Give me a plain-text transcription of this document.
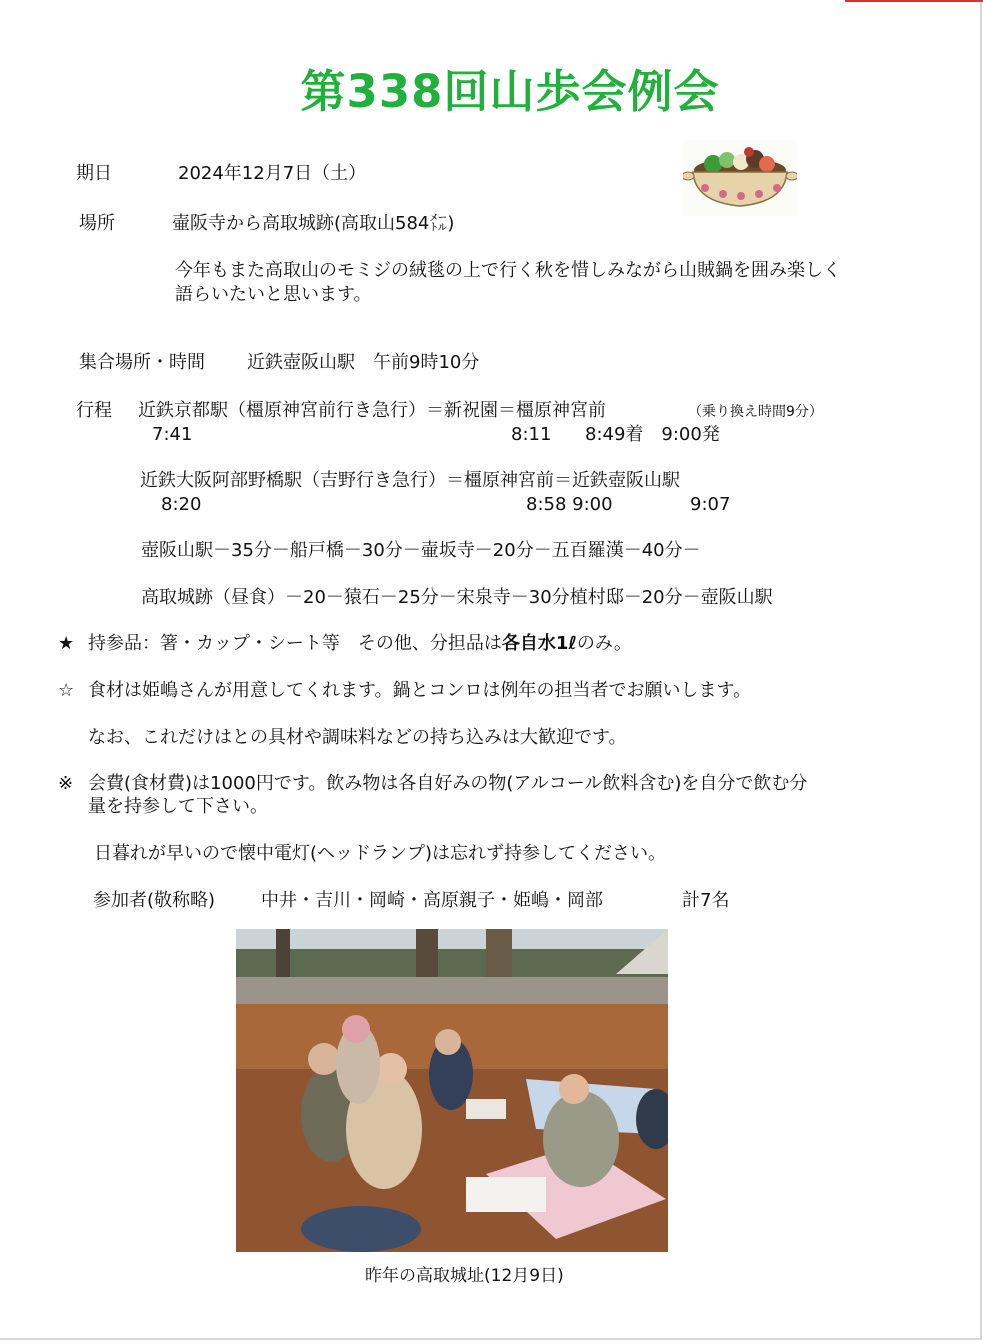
第338回山歩会例会
期日	2024年12月7日（土）
場所	壷阪寺から高取城跡(高取山584㍍)
今年もまた高取山のモミジの絨毯の上で行く秋を惜しみながら山賊鍋を囲み楽しく
語らいたいと思います。
集合場所・時間 近鉄壺阪山駅　午前9時10分
行程 近鉄京都駅（橿原神宮前行き急行）＝新祝園＝橿原神宮前	（乗り換え時間9分）
7:41	8:11 8:49着　9:00発
近鉄大阪阿部野橋駅（吉野行き急行）＝橿原神宮前＝近鉄壺阪山駅
8:20	8:58 9:00	9:07
壺阪山駅－35分－船戸橋－30分－壷坂寺－20分－五百羅漢－40分－
高取城跡（昼食）－20－猿石－25分－宋泉寺－30分植村邸－20分－壺阪山駅
★ 持参品：箸・カップ・シート等　その他、分担品は各自水1ℓのみ。
☆ 食材は姫嶋さんが用意してくれます。鍋とコンロは例年の担当者でお願いします。
なお、これだけはとの具材や調味料などの持ち込みは大歓迎です。
※ 会費(食材費)は1000円です。飲み物は各自好みの物(アルコール飲料含む)を自分で飲む分
量を持参して下さい。
日暮れが早いので懐中電灯(ヘッドランプ)は忘れず持参してください。
参加者(敬称略)	中井・吉川・岡崎・高原親子・姫嶋・岡部	計7名
昨年の高取城址(12月9日)
